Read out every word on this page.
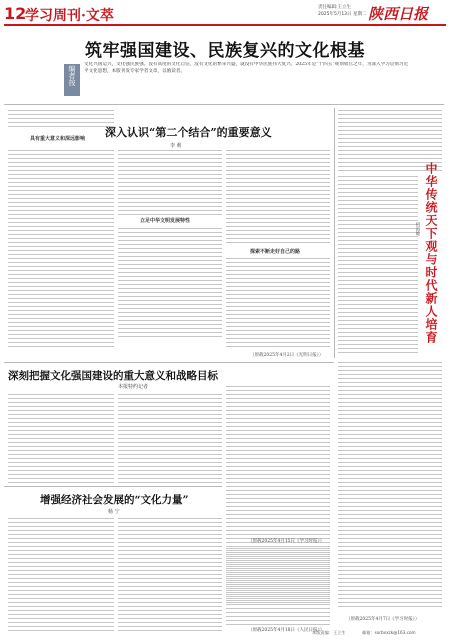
12
学习周刊·文萃
责任编辑:王立生
2025年5月13日 星期二 陕西日报
筑牢强国建设、民族复兴的文化根基
编者按
文化兴国运兴，文化强民族强。没有高度的文化自信，没有文化的繁荣兴盛，就没有中华民族伟大复兴。2025年是“十四五”规划收官之年，为深入学习贯彻习近平文化思想，本版刊发专家学者文章，以飨读者。
具有重大意义和深远影响 深入认识“第二个结合”的重要意义
李 莉
立足中华文明发展特性
探索不断走好自己的路
（原载2025年4月2日《光明日报》）
中华传统天下观与时代新人培育
何雨婕
（原载2025年4月7日《学习时报》）
深刻把握文化强国建设的重大意义和战略目标
本报特约记者
（原载2025年4月15日《学习时报》）
增强经济社会发展的“文化力量”
杨 宁
（原载2025年4月18日《人民日报》）
本版责编：王立生	邮箱：sxrbxxzk@163.com
